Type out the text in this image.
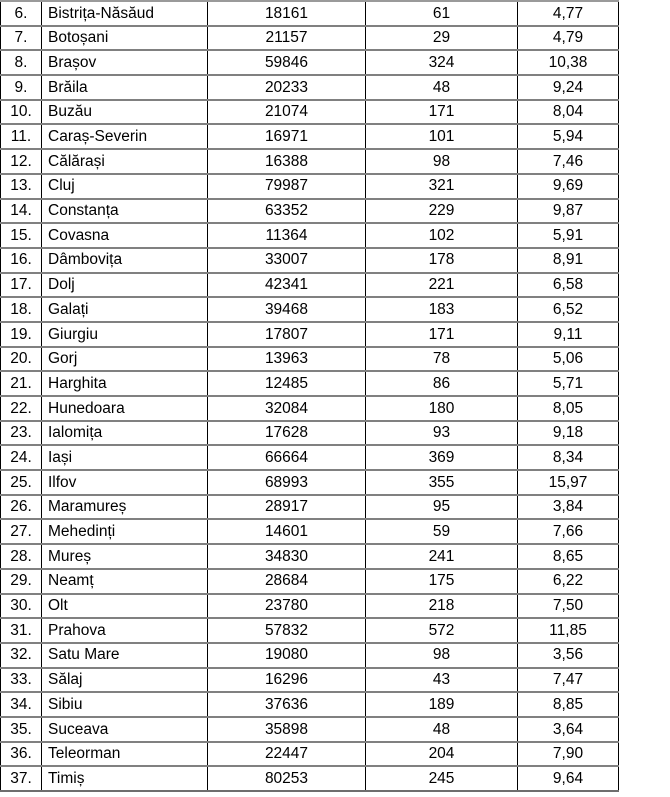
6.	Bistrița-Năsăud	18161	61	4,77
7.	Botoșani	21157	29	4,79
8.	Brașov	59846	324	10,38
9.	Brăila	20233	48	9,24
10.	Buzău	21074	171	8,04
11.	Caraș-Severin	16971	101	5,94
12.	Călărași	16388	98	7,46
13.	Cluj	79987	321	9,69
14.	Constanța	63352	229	9,87
15.	Covasna	11364	102	5,91
16.	Dâmbovița	33007	178	8,91
17.	Dolj	42341	221	6,58
18.	Galați	39468	183	6,52
19.	Giurgiu	17807	171	9,11
20.	Gorj	13963	78	5,06
21.	Harghita	12485	86	5,71
22.	Hunedoara	32084	180	8,05
23.	Ialomița	17628	93	9,18
24.	Iași	66664	369	8,34
25.	Ilfov	68993	355	15,97
26.	Maramureș	28917	95	3,84
27.	Mehedinți	14601	59	7,66
28.	Mureș	34830	241	8,65
29.	Neamț	28684	175	6,22
30.	Olt	23780	218	7,50
31.	Prahova	57832	572	11,85
32.	Satu Mare	19080	98	3,56
33.	Sălaj	16296	43	7,47
34.	Sibiu	37636	189	8,85
35.	Suceava	35898	48	3,64
36.	Teleorman	22447	204	7,90
37.	Timiș	80253	245	9,64
